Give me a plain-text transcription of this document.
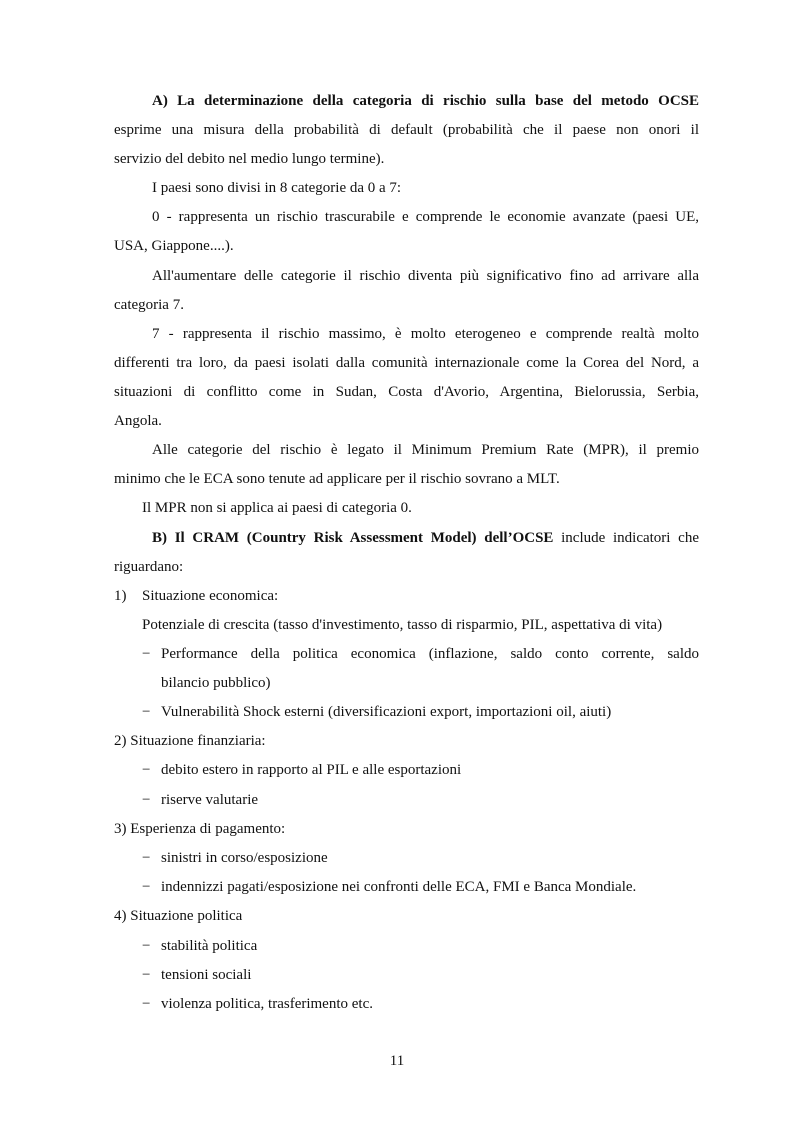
A) La determinazione della categoria di rischio sulla base del metodo OCSE
esprime una misura della probabilità di default (probabilità che il paese non onori il
servizio del debito nel medio lungo termine).
I paesi sono divisi in 8 categorie da 0 a 7:
0 - rappresenta un rischio trascurabile e comprende le economie avanzate (paesi UE,
USA, Giappone....).
All'aumentare delle categorie il rischio diventa più significativo fino ad arrivare alla
categoria 7.
7 - rappresenta il rischio massimo, è molto eterogeneo e comprende realtà molto
differenti tra loro, da paesi isolati dalla comunità internazionale come la Corea del Nord, a
situazioni di conflitto come in Sudan, Costa d'Avorio, Argentina, Bielorussia, Serbia,
Angola.
Alle categorie del rischio è legato il Minimum Premium Rate (MPR), il premio
minimo che le ECA sono tenute ad applicare per il rischio sovrano a MLT.
Il MPR non si applica ai paesi di categoria 0.
B) Il CRAM (Country Risk Assessment Model) dell’OCSE include indicatori che
riguardano:
1) Situazione economica:
Potenziale di crescita (tasso d'investimento, tasso di risparmio, PIL, aspettativa di vita)
− Performance della politica economica (inflazione, saldo conto corrente, saldo
bilancio pubblico)
− Vulnerabilità Shock esterni (diversificazioni export, importazioni oil, aiuti)
2) Situazione finanziaria:
− debito estero in rapporto al PIL e alle esportazioni
− riserve valutarie
3) Esperienza di pagamento:
− sinistri in corso/esposizione
− indennizzi pagati/esposizione nei confronti delle ECA, FMI e Banca Mondiale.
4) Situazione politica
− stabilità politica
− tensioni sociali
− violenza politica, trasferimento etc.
11
